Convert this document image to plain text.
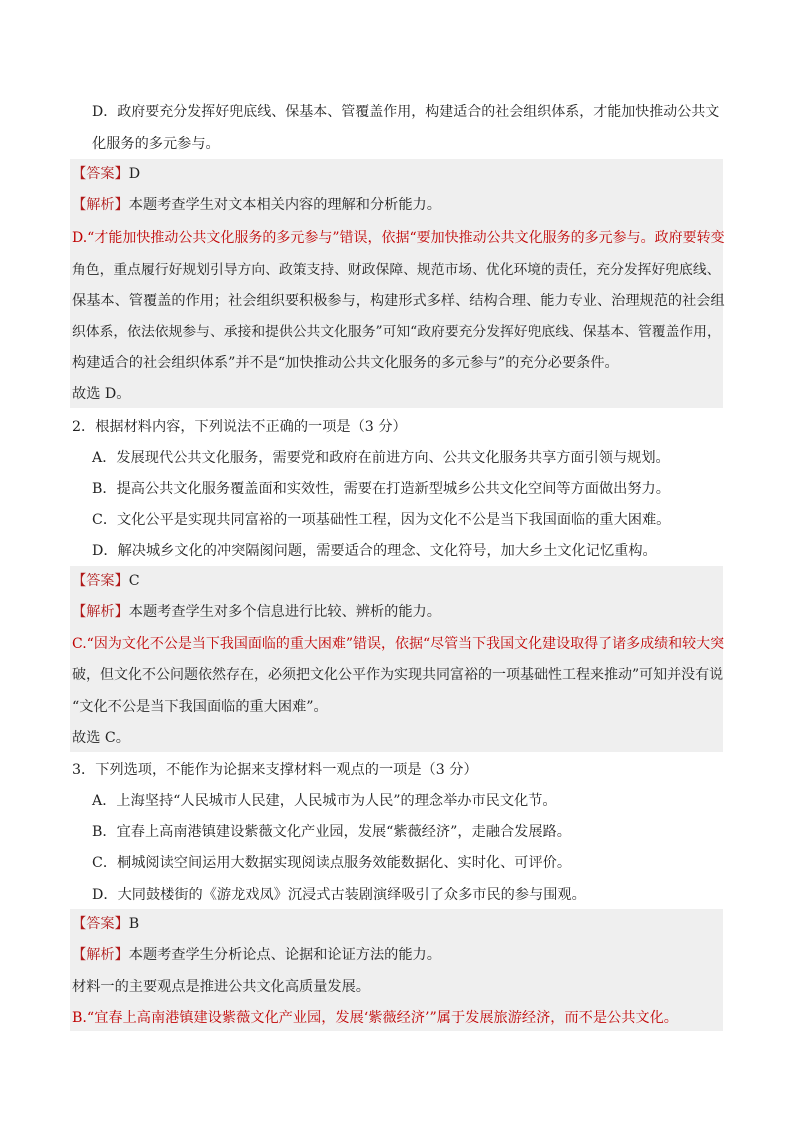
D．政府要充分发挥好兜底线、保基本、管覆盖作用，构建适合的社会组织体系，才能加快推动公共文
化服务的多元参与。
【答案】D
【解析】本题考查学生对文本相关内容的理解和分析能力。
D.“才能加快推动公共文化服务的多元参与”错误，依据“要加快推动公共文化服务的多元参与。政府要转变
角色，重点履行好规划引导方向、政策支持、财政保障、规范市场、优化环境的责任，充分发挥好兜底线、
保基本、管覆盖的作用；社会组织要积极参与，构建形式多样、结构合理、能力专业、治理规范的社会组
织体系，依法依规参与、承接和提供公共文化服务”可知“政府要充分发挥好兜底线、保基本、管覆盖作用，
构建适合的社会组织体系”并不是“加快推动公共文化服务的多元参与”的充分必要条件。
故选 D。
2．根据材料内容，下列说法不正确的一项是（3 分）
A．发展现代公共文化服务，需要党和政府在前进方向、公共文化服务共享方面引领与规划。
B．提高公共文化服务覆盖面和实效性，需要在打造新型城乡公共文化空间等方面做出努力。
C．文化公平是实现共同富裕的一项基础性工程，因为文化不公是当下我国面临的重大困难。
D．解决城乡文化的冲突隔阂问题，需要适合的理念、文化符号，加大乡土文化记忆重构。
【答案】C
【解析】本题考查学生对多个信息进行比较、辨析的能力。
C.“因为文化不公是当下我国面临的重大困难”错误，依据“尽管当下我国文化建设取得了诸多成绩和较大突
破，但文化不公问题依然存在，必须把文化公平作为实现共同富裕的一项基础性工程来推动”可知并没有说
“文化不公是当下我国面临的重大困难”。
故选 C。
3．下列选项，不能作为论据来支撑材料一观点的一项是（3 分）
A．上海坚持“人民城市人民建，人民城市为人民”的理念举办市民文化节。
B．宜春上高南港镇建设紫薇文化产业园，发展“紫薇经济”，走融合发展路。
C．桐城阅读空间运用大数据实现阅读点服务效能数据化、实时化、可评价。
D．大同鼓楼街的《游龙戏凤》沉浸式古装剧演绎吸引了众多市民的参与围观。
【答案】B
【解析】本题考查学生分析论点、论据和论证方法的能力。
材料一的主要观点是推进公共文化高质量发展。
B.“宜春上高南港镇建设紫薇文化产业园，发展‘紫薇经济’”属于发展旅游经济，而不是公共文化。
